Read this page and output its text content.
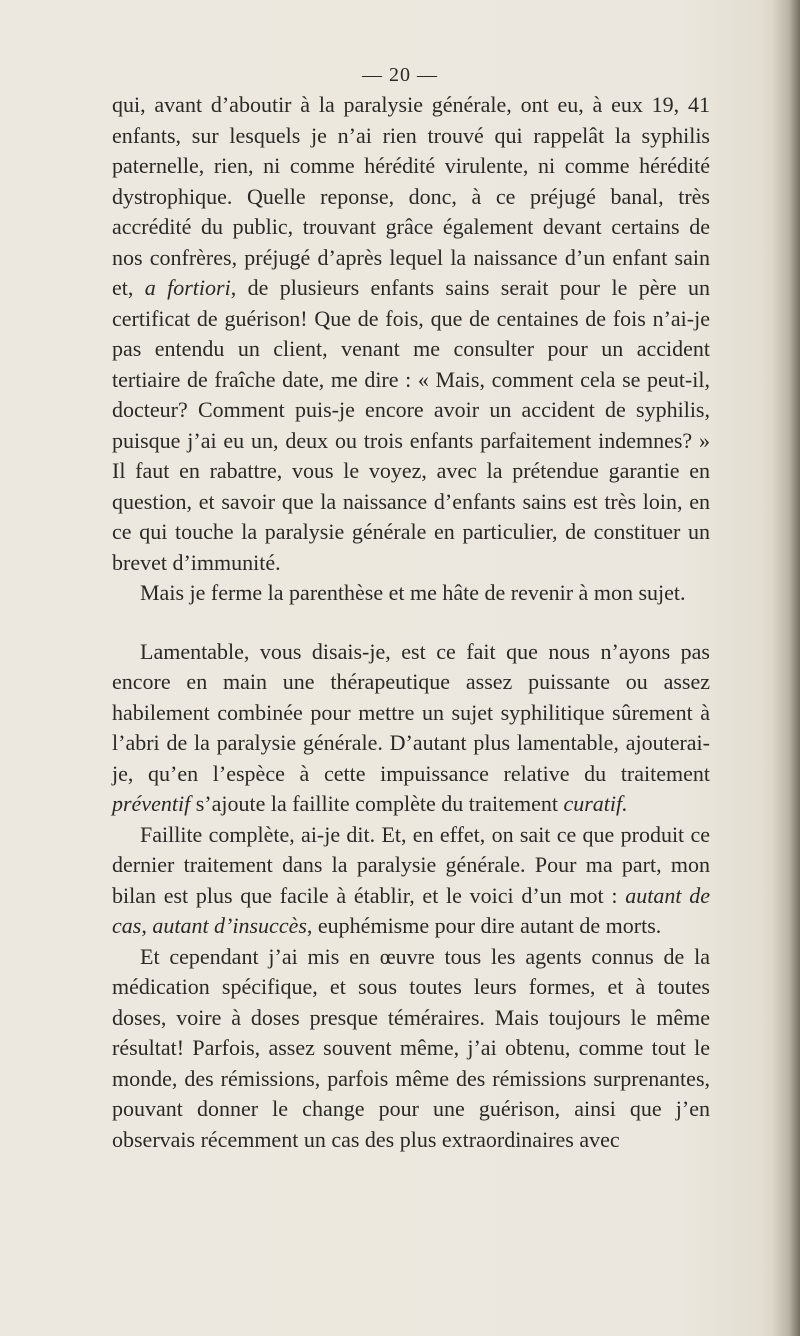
— 20 —

qui, avant d’aboutir à la paralysie générale, ont eu, à eux 19, 41 enfants, sur lesquels je n’ai rien trouvé qui rappelât la syphilis paternelle, rien, ni comme hérédité virulente, ni comme hérédité dystrophique. Quelle reponse, donc, à ce préjugé banal, très accrédité du public, trouvant grâce également devant certains de nos confrères, préjugé d’après lequel la naissance d’un enfant sain et, a fortiori, de plusieurs enfants sains serait pour le père un certificat de guérison! Que de fois, que de centaines de fois n’ai-je pas entendu un client, venant me consulter pour un accident tertiaire de fraîche date, me dire : « Mais, comment cela se peut-il, docteur? Comment puis-je encore avoir un accident de syphilis, puisque j’ai eu un, deux ou trois enfants parfaitement indemnes? » Il faut en rabattre, vous le voyez, avec la prétendue garantie en question, et savoir que la naissance d’enfants sains est très loin, en ce qui touche la paralysie générale en particulier, de constituer un brevet d’immunité.

Mais je ferme la parenthèse et me hâte de revenir à mon sujet.

Lamentable, vous disais-je, est ce fait que nous n’ayons pas encore en main une thérapeutique assez puissante ou assez habilement combinée pour mettre un sujet syphilitique sûrement à l’abri de la paralysie générale. D’autant plus lamentable, ajouterai-je, qu’en l’espèce à cette impuissance relative du traitement préventif s’ajoute la faillite complète du traitement curatif.

Faillite complète, ai-je dit. Et, en effet, on sait ce que produit ce dernier traitement dans la paralysie générale. Pour ma part, mon bilan est plus que facile à établir, et le voici d’un mot : autant de cas, autant d’insuccès, euphémisme pour dire autant de morts.

Et cependant j’ai mis en œuvre tous les agents connus de la médication spécifique, et sous toutes leurs formes, et à toutes doses, voire à doses presque téméraires. Mais toujours le même résultat! Parfois, assez souvent même, j’ai obtenu, comme tout le monde, des rémissions, parfois même des rémissions surprenantes, pouvant donner le change pour une guérison, ainsi que j’en observais récemment un cas des plus extraordinaires avec
